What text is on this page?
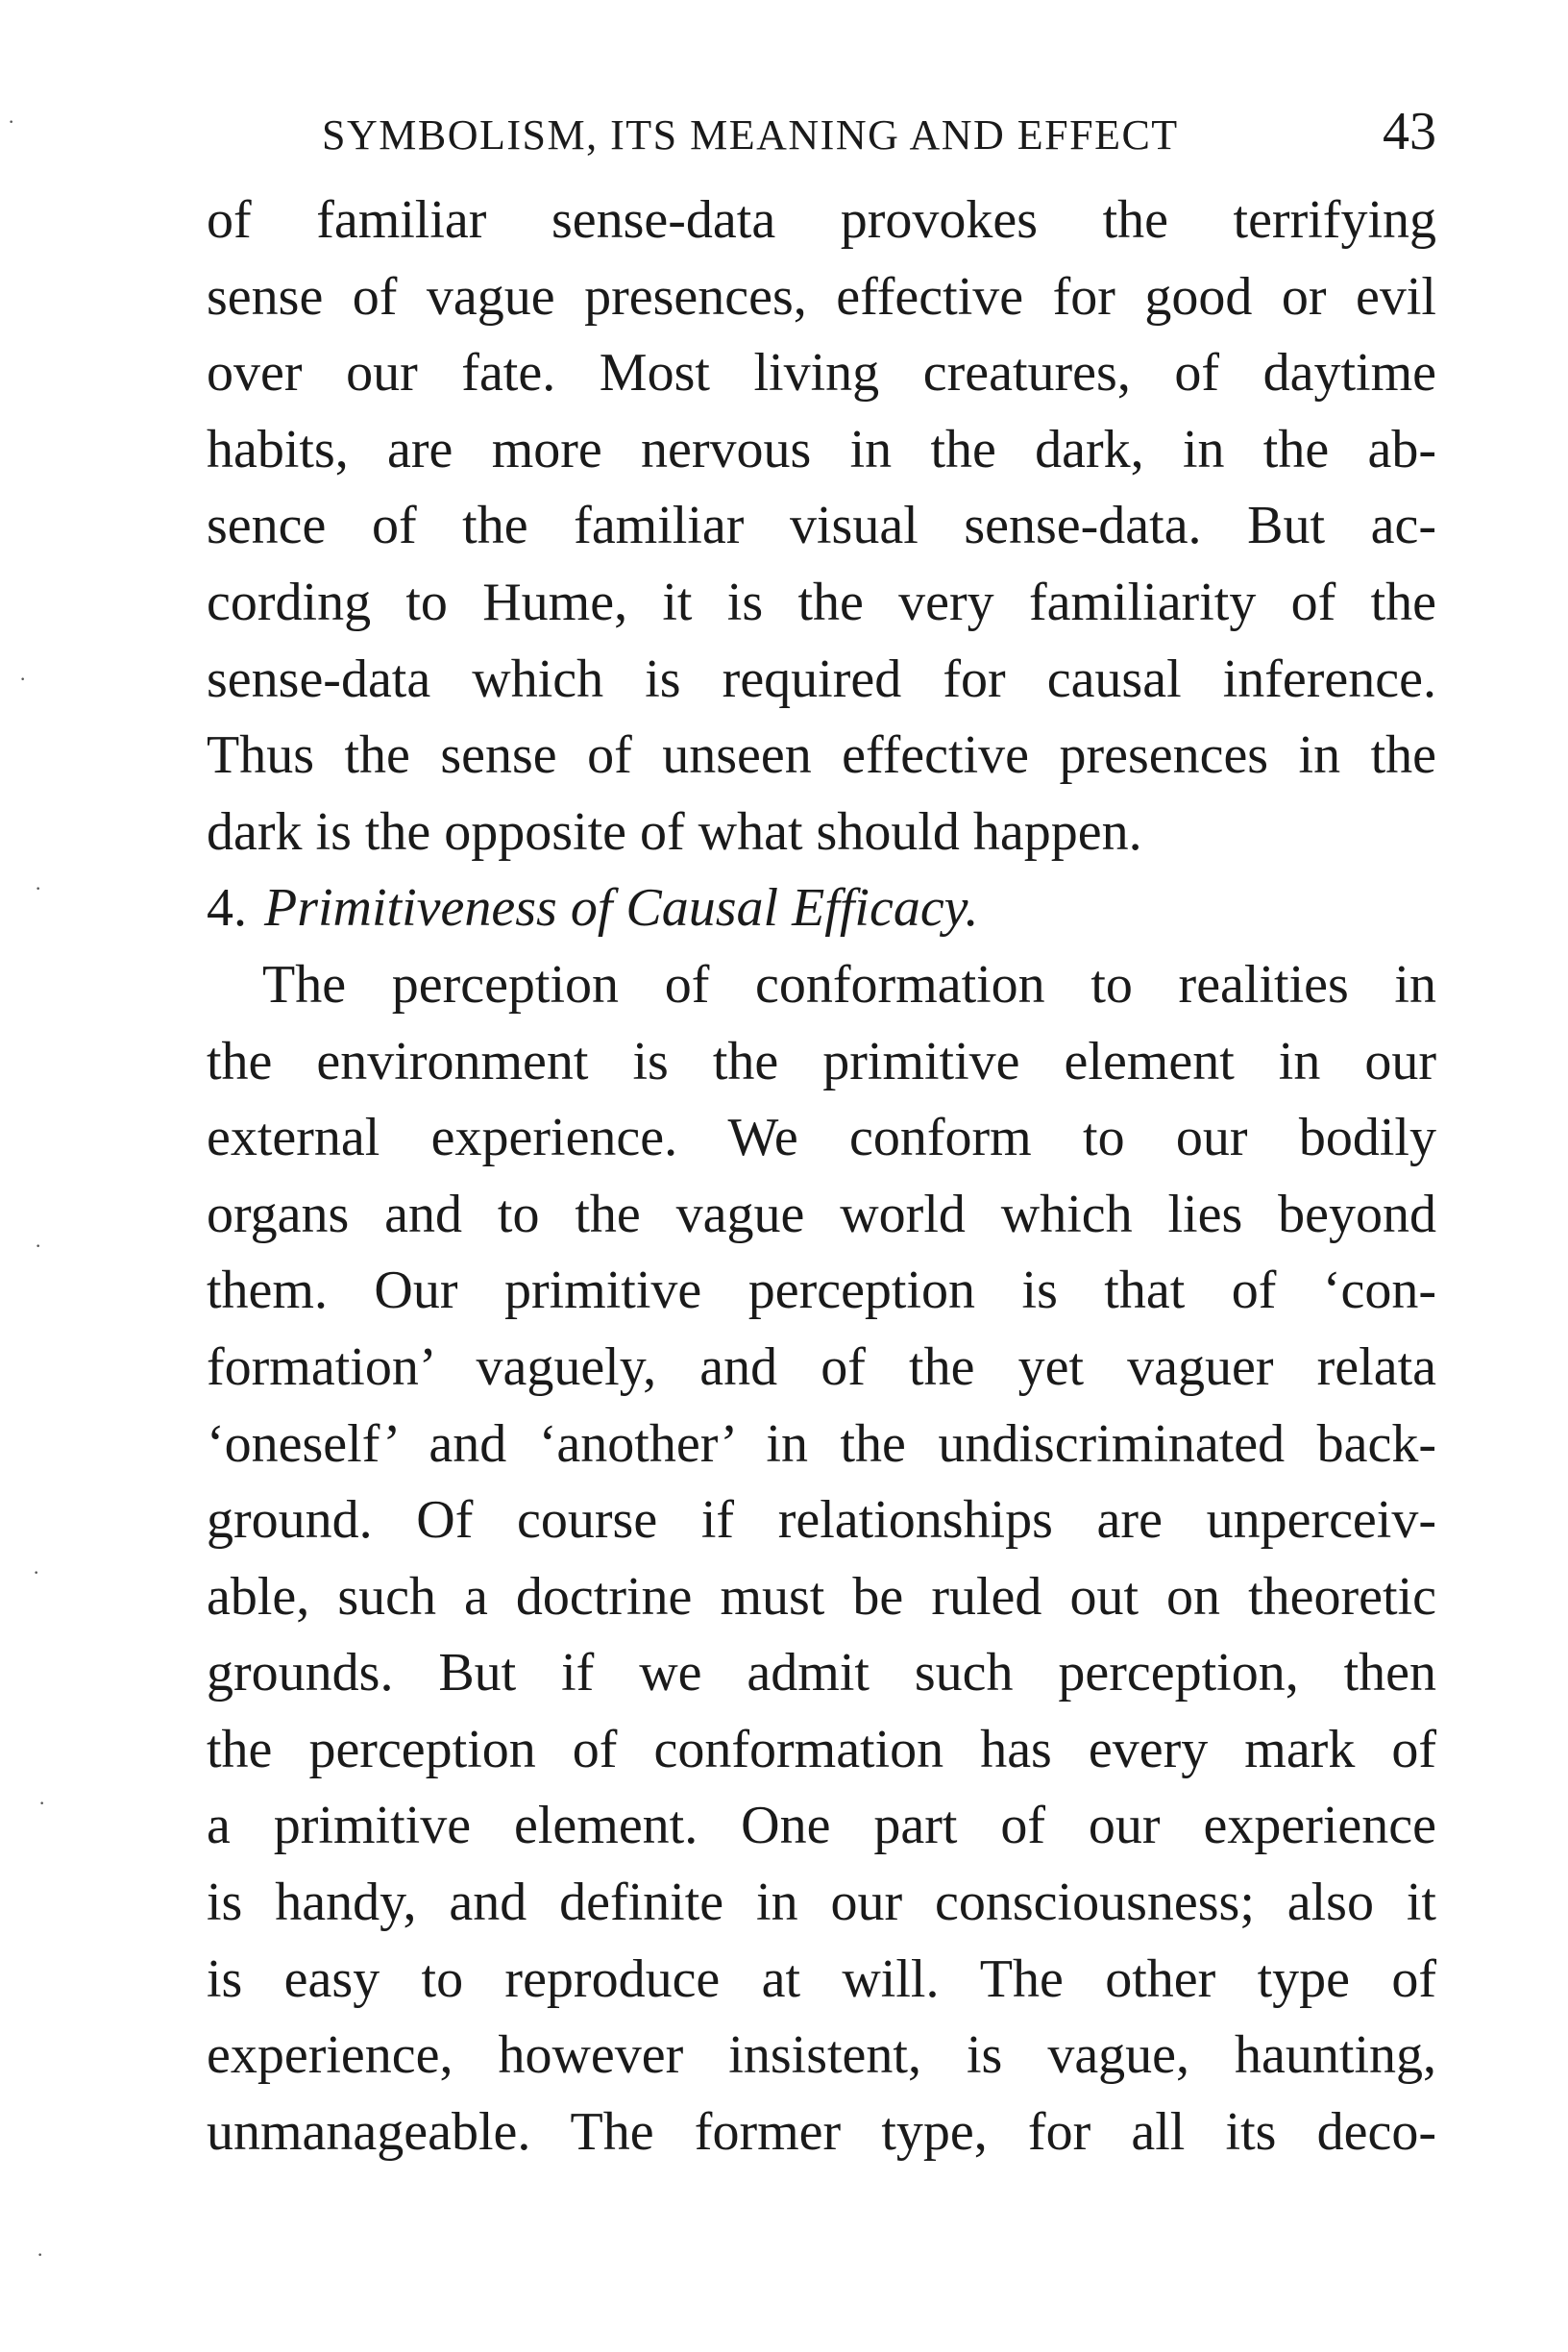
·
·
·
·
·
·
·
SYMBOLISM, ITS MEANING AND EFFECT	43
of familiar sense-data provokes the terrifying
sense of vague presences, effective for good or evil
over our fate. Most living creatures, of daytime
habits, are more nervous in the dark, in the ab-
sence of the familiar visual sense-data. But ac-
cording to Hume, it is the very familiarity of the
sense-data which is required for causal inference.
Thus the sense of unseen effective presences in the
dark is the opposite of what should happen.
4. Primitiveness of Causal Efficacy.
The perception of conformation to realities in
the environment is the primitive element in our
external experience. We conform to our bodily
organs and to the vague world which lies beyond
them. Our primitive perception is that of ‘con-
formation’ vaguely, and of the yet vaguer relata
‘oneself’ and ‘another’ in the undiscriminated back-
ground. Of course if relationships are unperceiv-
able, such a doctrine must be ruled out on theoretic
grounds. But if we admit such perception, then
the perception of conformation has every mark of
a primitive element. One part of our experience
is handy, and definite in our consciousness; also it
is easy to reproduce at will. The other type of
experience, however insistent, is vague, haunting,
unmanageable. The former type, for all its deco-
